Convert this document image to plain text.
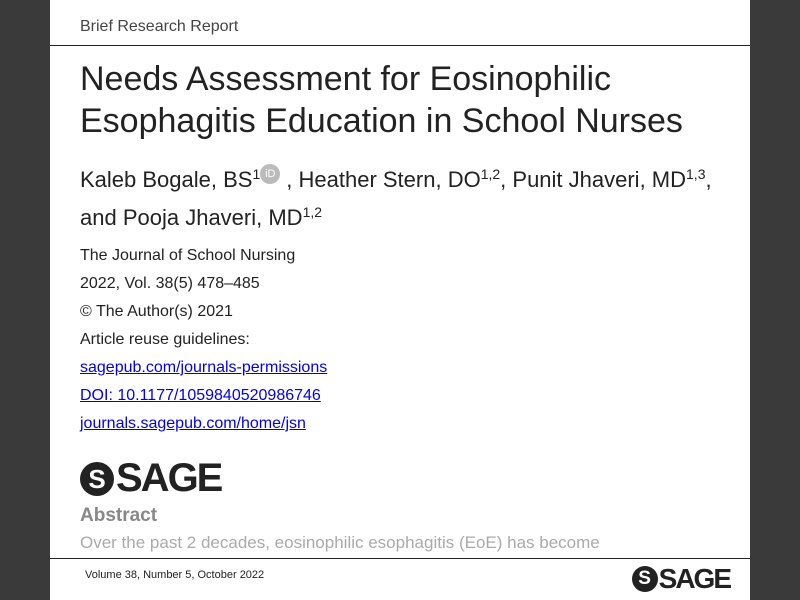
Brief Research Report
Needs Assessment for Eosinophilic Esophagitis Education in School Nurses
Kaleb Bogale, $BS^1$ iD , Heather Stern, DO$^{1,2}$, Punit Jhaveri, MD$^{1,3}$, and Pooja Jhaveri, MD$^{1,2}$
The Journal of School Nursing
2022, Vol. 38(5) 478–485
© The Author(s) 2021
Article reuse guidelines:
sagepub.com/journals-permissions
DOI: 10.1177/1059840520986746
journals.sagepub.com/home/jsn
S SAGE
Abstract
Over the past 2 decades, eosinophilic esophagitis (EoE) has become
Volume 38, Number 5, October 2022	S SAGE
